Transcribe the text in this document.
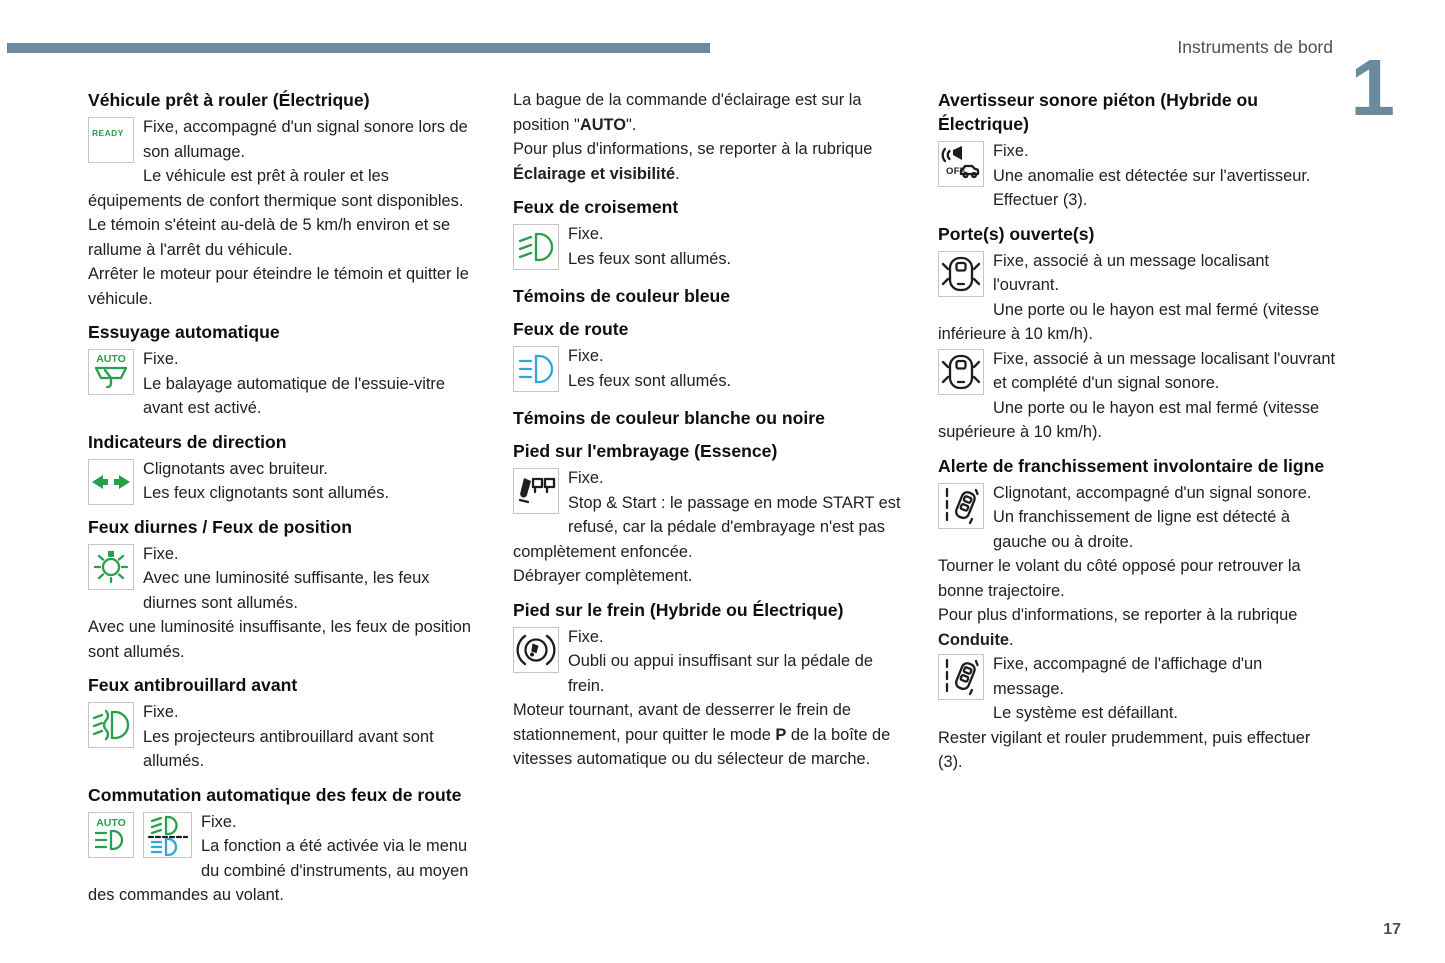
Instruments de bord 1
17
Véhicule prêt à rouler (Électrique)
READY	Fixe, accompagné d'un signal sonore lors de son allumage.

Le véhicule est prêt à rouler et les équipements de confort thermique sont disponibles.

Le témoin s'éteint au-delà de 5 km/h environ et se rallume à l'arrêt du véhicule.

Arrêter le moteur pour éteindre le témoin et quitter le véhicule.

Essuyage automatique
AUTO	Fixe.

Le balayage automatique de l'essuie-vitre avant est activé.

Indicateurs de direction

Clignotants avec bruiteur.

Les feux clignotants sont allumés.

Feux diurnes / Feux de position

Fixe.

Avec une luminosité suffisante, les feux diurnes sont allumés.

Avec une luminosité insuffisante, les feux de position sont allumés.

Feux antibrouillard avant

Fixe.

Les projecteurs antibrouillard avant sont allumés.

Commutation automatique des feux de route
AUTO	Fixe.

La fonction a été activée via le menu du combiné d'instruments, au moyen des commandes au volant.

La bague de la commande d'éclairage est sur la position "AUTO".

Pour plus d'informations, se reporter à la rubrique Éclairage et visibilité.

Feux de croisement

Fixe.

Les feux sont allumés.

Témoins de couleur bleue
Feux de route

Fixe.

Les feux sont allumés.

Témoins de couleur blanche ou noire
Pied sur l'embrayage (Essence)

Fixe.

Stop & Start : le passage en mode START est refusé, car la pédale d'embrayage n'est pas complètement enfoncée.

Débrayer complètement.

Pied sur le frein (Hybride ou Électrique)

Fixe.

Oubli ou appui insuffisant sur la pédale de frein.

Moteur tournant, avant de desserrer le frein de stationnement, pour quitter le mode P de la boîte de vitesses automatique ou du sélecteur de marche.

Avertisseur sonore piéton (Hybride ou Électrique)
OFF

Fixe.

Une anomalie est détectée sur l'avertisseur.

Effectuer (3).

Porte(s) ouverte(s)

Fixe, associé à un message localisant l'ouvrant.

Une porte ou le hayon est mal fermé (vitesse inférieure à 10 km/h).

Fixe, associé à un message localisant l'ouvrant et complété d'un signal sonore.

Une porte ou le hayon est mal fermé (vitesse supérieure à 10 km/h).

Alerte de franchissement involontaire de ligne

Clignotant, accompagné d'un signal sonore.

Un franchissement de ligne est détecté à gauche ou à droite.

Tourner le volant du côté opposé pour retrouver la bonne trajectoire.

Pour plus d'informations, se reporter à la rubrique Conduite.

Fixe, accompagné de l'affichage d'un message.

Le système est défaillant.

Rester vigilant et rouler prudemment, puis effectuer (3).
